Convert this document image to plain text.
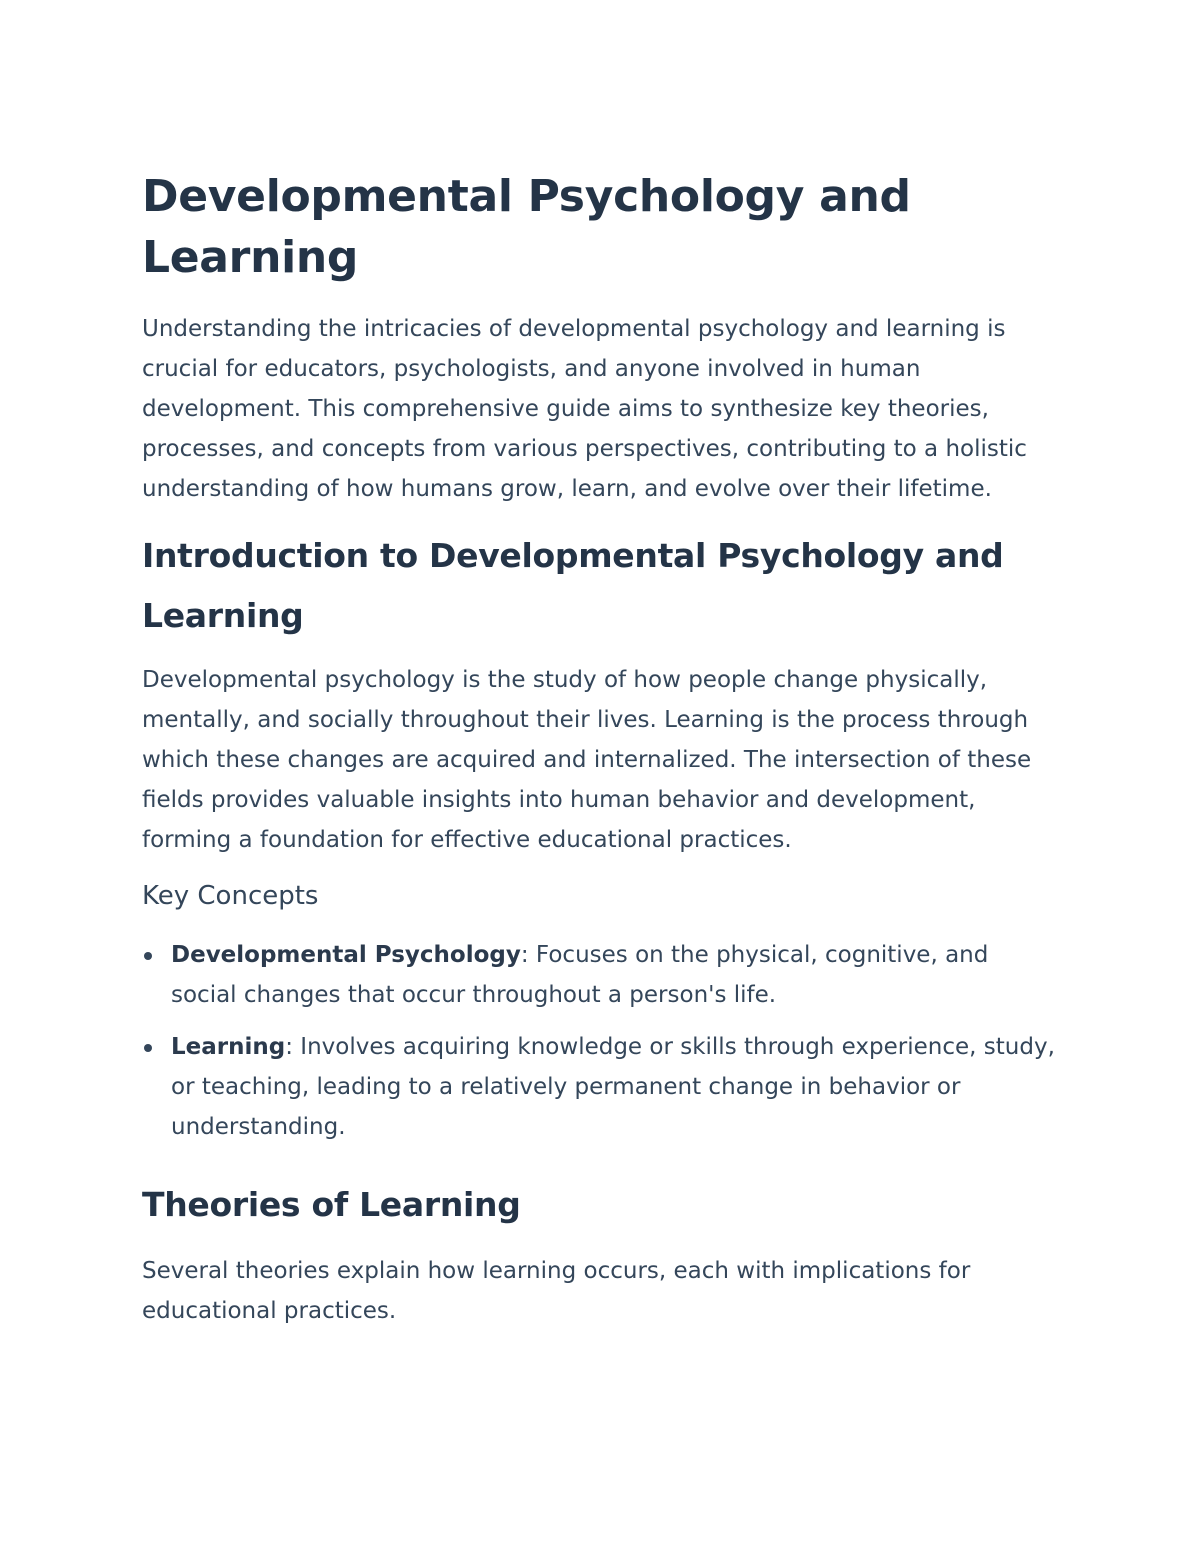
Developmental Psychology and Learning

Understanding the intricacies of developmental psychology and learning is crucial for educators, psychologists, and anyone involved in human development. This comprehensive guide aims to synthesize key theories, processes, and concepts from various perspectives, contributing to a holistic understanding of how humans grow, learn, and evolve over their lifetime.

Introduction to Developmental Psychology and Learning

Developmental psychology is the study of how people change physically, mentally, and socially throughout their lives. Learning is the process through which these changes are acquired and internalized. The intersection of these fields provides valuable insights into human behavior and development, forming a foundation for effective educational practices.

Key Concepts
Developmental Psychology: Focuses on the physical, cognitive, and social changes that occur throughout a person's life.
Learning: Involves acquiring knowledge or skills through experience, study, or teaching, leading to a relatively permanent change in behavior or understanding.
Theories of Learning

Several theories explain how learning occurs, each with implications for educational practices.
